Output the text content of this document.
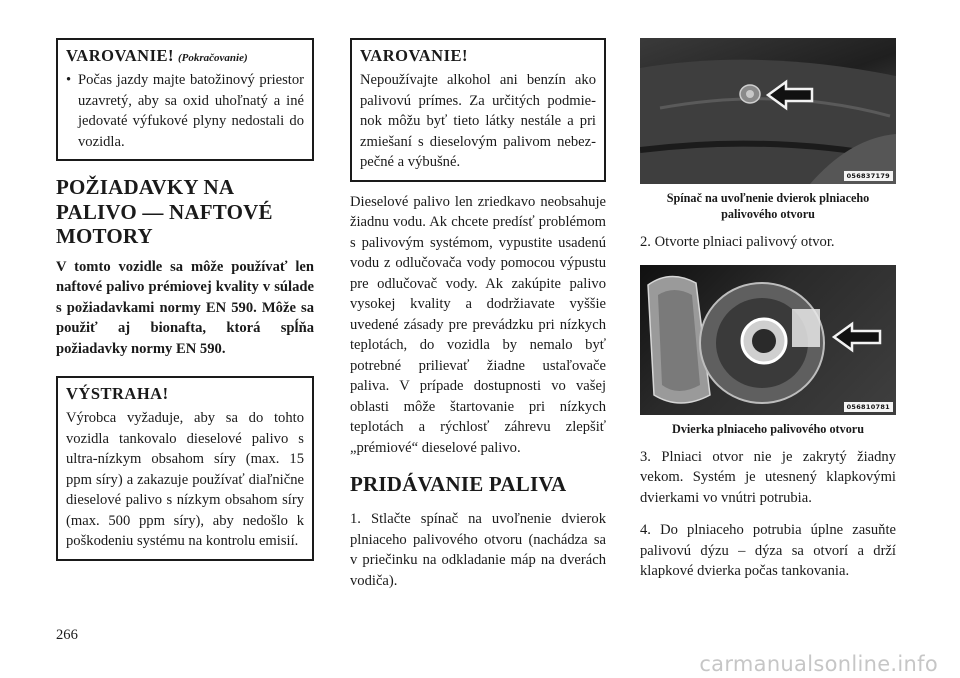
VAROVANIE! (Pokračovanie)
• Počas jazdy majte batožinový priestor uzavretý, aby sa oxid uhoľnatý a iné jedovaté výfukové plyny nedostali do vozidla.
POŽIADAVKY NA
PALIVO — NAFTOVÉ
MOTORY

V tomto vozidle sa môže používať len naftové palivo prémiovej kvality v súlade s požiadavkami normy EN 590. Môže sa použiť aj bionafta, ktorá spĺňa požiadavky normy EN 590.

VÝSTRAHA!
Výrobca vyžaduje, aby sa do tohto vozidla tankovalo dieselové palivo s ultra-nízkym obsahom síry (max. 15 ppm síry) a zakazuje používať diaľnične dieselové palivo s nízkym obsahom síry (max. 500 ppm síry), aby nedošlo k poškodeniu systému na kontrolu emisií.
VAROVANIE!
Nepoužívajte alkohol ani benzín ako palivovú prímes. Za určitých podmienok môžu byť tieto látky nestále a pri zmiešaní s dieselovým palivom nebezpečné a výbušné.

Dieselové palivo len zriedkavo neobsahuje žiadnu vodu. Ak chcete predísť problémom s palivovým systémom, vypustite usadenú vodu z odlučovača vody pomocou výpustu pre odlučovač vody. Ak zakúpite palivo vysokej kvality a dodržiavate vyššie uvedené zásady pre prevádzku pri nízkych teplotách, do vozidla by nemalo byť potrebné prilievať žiadne ustaľovače paliva. V prípade dostupnosti vo vašej oblasti môže štartovanie pri nízkych teplotách a rýchlosť záhrevu zlepšiť „prémiové“ dieselové palivo.

PRIDÁVANIE PALIVA

1. Stlačte spínač na uvoľnenie dvierok plniaceho palivového otvoru (nachádza sa v priečinku na odkladanie máp na dverách vodiča).

056837179
Spínač na uvoľnenie dvierok plniaceho palivového otvoru

2. Otvorte plniaci palivový otvor.

056810781
Dvierka plniaceho palivového otvoru

3. Plniaci otvor nie je zakrytý žiadny vekom. Systém je utesnený klapkovými dvierkami vo vnútri potrubia.

4. Do plniaceho potrubia úplne zasuňte palivovú dýzu – dýza sa otvorí a drží klapkové dvierka počas tankovania.

266
carmanualsonline.info
